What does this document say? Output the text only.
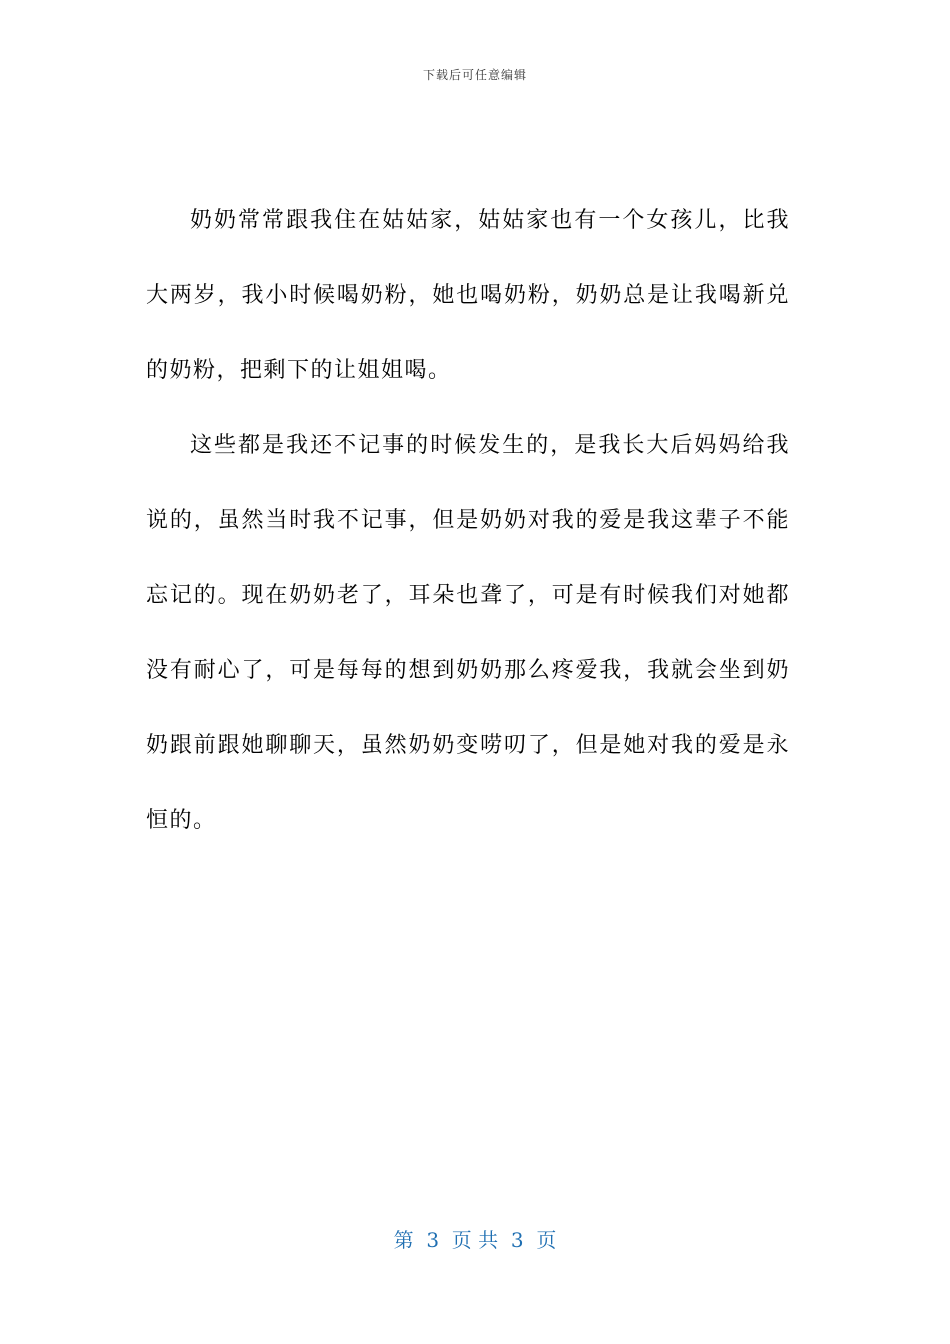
下载后可任意编辑

奶奶常常跟我住在姑姑家，姑姑家也有一个女孩儿，比我大两岁，我小时候喝奶粉，她也喝奶粉，奶奶总是让我喝新兑的奶粉，把剩下的让姐姐喝。

这些都是我还不记事的时候发生的，是我长大后妈妈给我说的，虽然当时我不记事，但是奶奶对我的爱是我这辈子不能忘记的。现在奶奶老了，耳朵也聋了，可是有时候我们对她都没有耐心了，可是每每的想到奶奶那么疼爱我，我就会坐到奶奶跟前跟她聊聊天，虽然奶奶变唠叨了，但是她对我的爱是永恒的。

第  3  页 共  3  页
